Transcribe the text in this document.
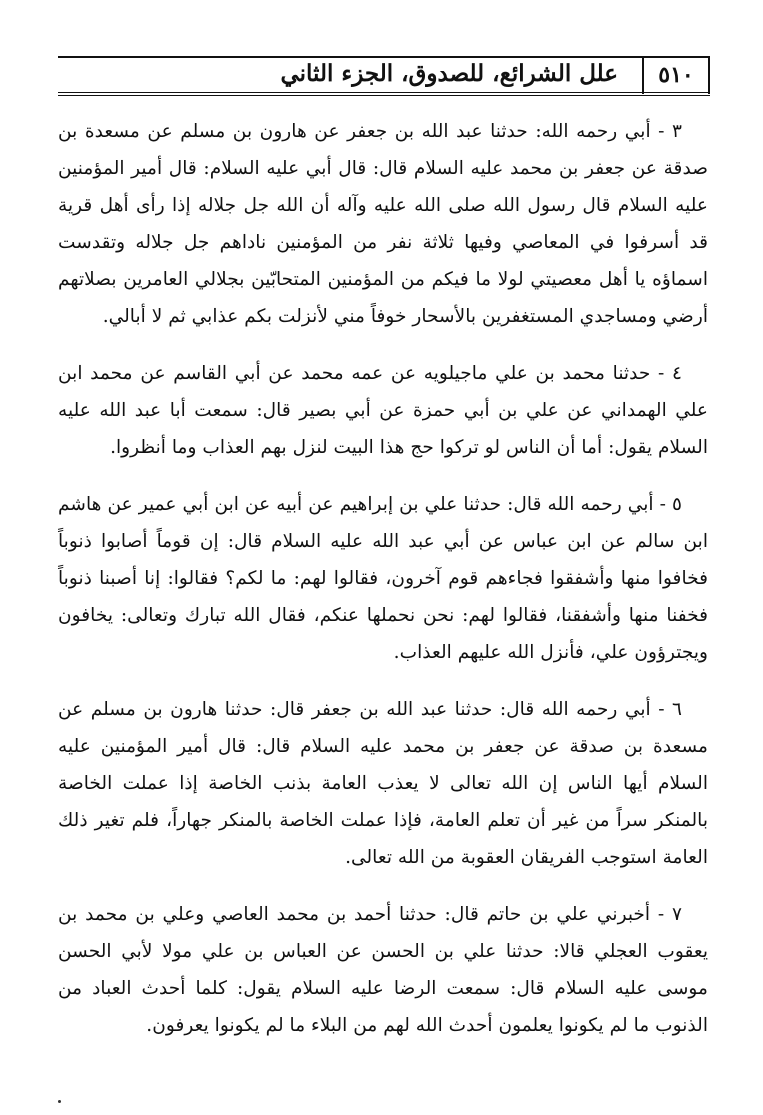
٥١٠
علل الشرائع، للصدوق، الجزء الثاني

٣ - أبي رحمه الله: حدثنا عبد الله بن جعفر عن هارون بن مسلم عن مسعدة بن صدقة عن جعفر بن محمد عليه السلام قال: قال أبي عليه السلام: قال أمير المؤمنين عليه السلام قال رسول الله صلى الله عليه وآله أن الله جل جلاله إذا رأى أهل قرية قد أسرفوا في المعاصي وفيها ثلاثة نفر من المؤمنين ناداهم جل جلاله وتقدست اسماؤه يا أهل معصيتي لولا ما فيكم من المؤمنين المتحابّين بجلالي العامرين بصلاتهم أرضي ومساجدي المستغفرين بالأسحار خوفاً مني لأنزلت بكم عذابي ثم لا أبالي.

٤ - حدثنا محمد بن علي ماجيلويه عن عمه محمد عن أبي القاسم عن محمد ابن علي الهمداني عن علي بن أبي حمزة عن أبي بصير قال: سمعت أبا عبد الله عليه السلام يقول: أما أن الناس لو تركوا حج هذا البيت لنزل بهم العذاب وما أنظروا.

٥ - أبي رحمه الله قال: حدثنا علي بن إبراهيم عن أبيه عن ابن أبي عمير عن هاشم ابن سالم عن ابن عباس عن أبي عبد الله عليه السلام قال: إن قوماً أصابوا ذنوباً فخافوا منها وأشفقوا فجاءهم قوم آخرون، فقالوا لهم: ما لكم؟ فقالوا: إنا أصبنا ذنوباً فخفنا منها وأشفقنا، فقالوا لهم: نحن نحملها عنكم، فقال الله تبارك وتعالى: يخافون ويجترؤون علي، فأنزل الله عليهم العذاب.

٦ - أبي رحمه الله قال: حدثنا عبد الله بن جعفر قال: حدثنا هارون بن مسلم عن مسعدة بن صدقة عن جعفر بن محمد عليه السلام قال: قال أمير المؤمنين عليه السلام أيها الناس إن الله تعالى لا يعذب العامة بذنب الخاصة إذا عملت الخاصة بالمنكر سراً من غير أن تعلم العامة، فإذا عملت الخاصة بالمنكر جهاراً، فلم تغير ذلك العامة استوجب الفريقان العقوبة من الله تعالى.

٧ - أخبرني علي بن حاتم قال: حدثنا أحمد بن محمد العاصي وعلي بن محمد بن يعقوب العجلي قالا: حدثنا علي بن الحسن عن العباس بن علي مولا لأبي الحسن موسى عليه السلام قال: سمعت الرضا عليه السلام يقول: كلما أحدث العباد من الذنوب ما لم يكونوا يعلمون أحدث الله لهم من البلاء ما لم يكونوا يعرفون.
